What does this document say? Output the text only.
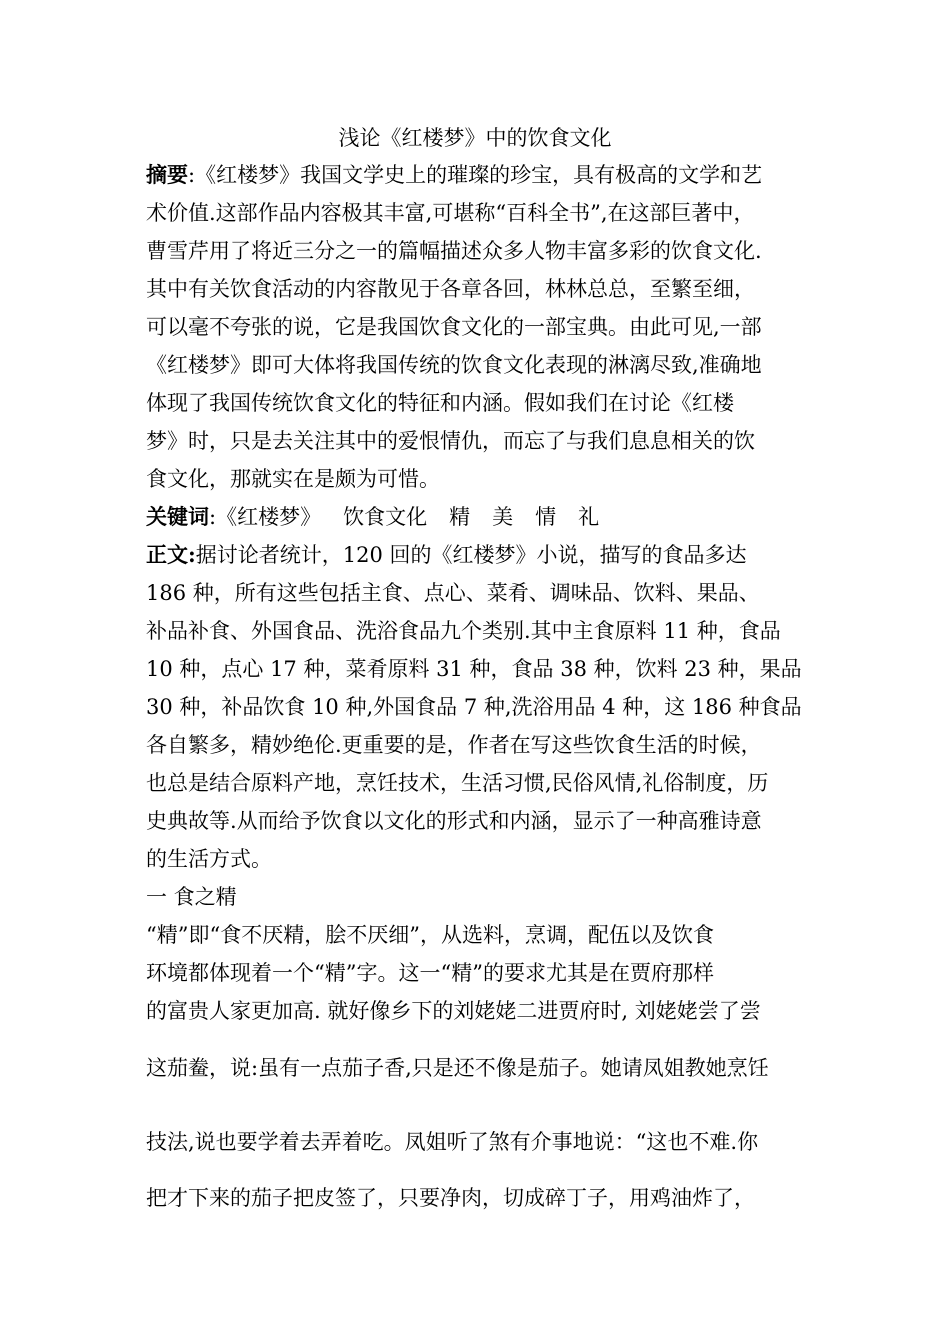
浅论《红楼梦》中的饮食文化
摘要:《红楼梦》我国文学史上的璀璨的珍宝，具有极高的文学和艺
术价值.这部作品内容极其丰富,可堪称“百科全书”,在这部巨著中，
曹雪芹用了将近三分之一的篇幅描述众多人物丰富多彩的饮食文化.
其中有关饮食活动的内容散见于各章各回，林林总总，至繁至细，
可以毫不夸张的说，它是我国饮食文化的一部宝典。由此可见,一部
《红楼梦》即可大体将我国传统的饮食文化表现的淋漓尽致,准确地
体现了我国传统饮食文化的特征和内涵。假如我们在讨论《红楼
梦》时，只是去关注其中的爱恨情仇，而忘了与我们息息相关的饮
食文化，那就实在是颇为可惜。
关键词:《红楼梦》 饮食文化 精 美 情 礼
正文:据讨论者统计，120 回的《红楼梦》小说，描写的食品多达
186 种，所有这些包括主食、点心、菜肴、调味品、饮料、果品、
补品补食、外国食品、洗浴食品九个类别.其中主食原料 11 种，食品
10 种，点心 17 种，菜肴原料 31 种，食品 38 种，饮料 23 种，果品
30 种，补品饮食 10 种,外国食品 7 种,洗浴用品 4 种，这 186 种食品
各自繁多，精妙绝伦.更重要的是，作者在写这些饮食生活的时候，
也总是结合原料产地，烹饪技术，生活习惯,民俗风情,礼俗制度，历
史典故等.从而给予饮食以文化的形式和内涵，显示了一种高雅诗意
的生活方式。
一 食之精
“精”即“食不厌精，脍不厌细”，从选料，烹调，配伍以及饮食
环境都体现着一个“精”字。这一“精”的要求尤其是在贾府那样
的富贵人家更加高. 就好像乡下的刘姥姥二进贾府时, 刘姥姥尝了尝
这茄鲞，说:虽有一点茄子香,只是还不像是茄子。她请凤姐教她烹饪
技法,说也要学着去弄着吃。凤姐听了煞有介事地说：“这也不难.你
把才下来的茄子把皮签了，只要净肉，切成碎丁子，用鸡油炸了，
